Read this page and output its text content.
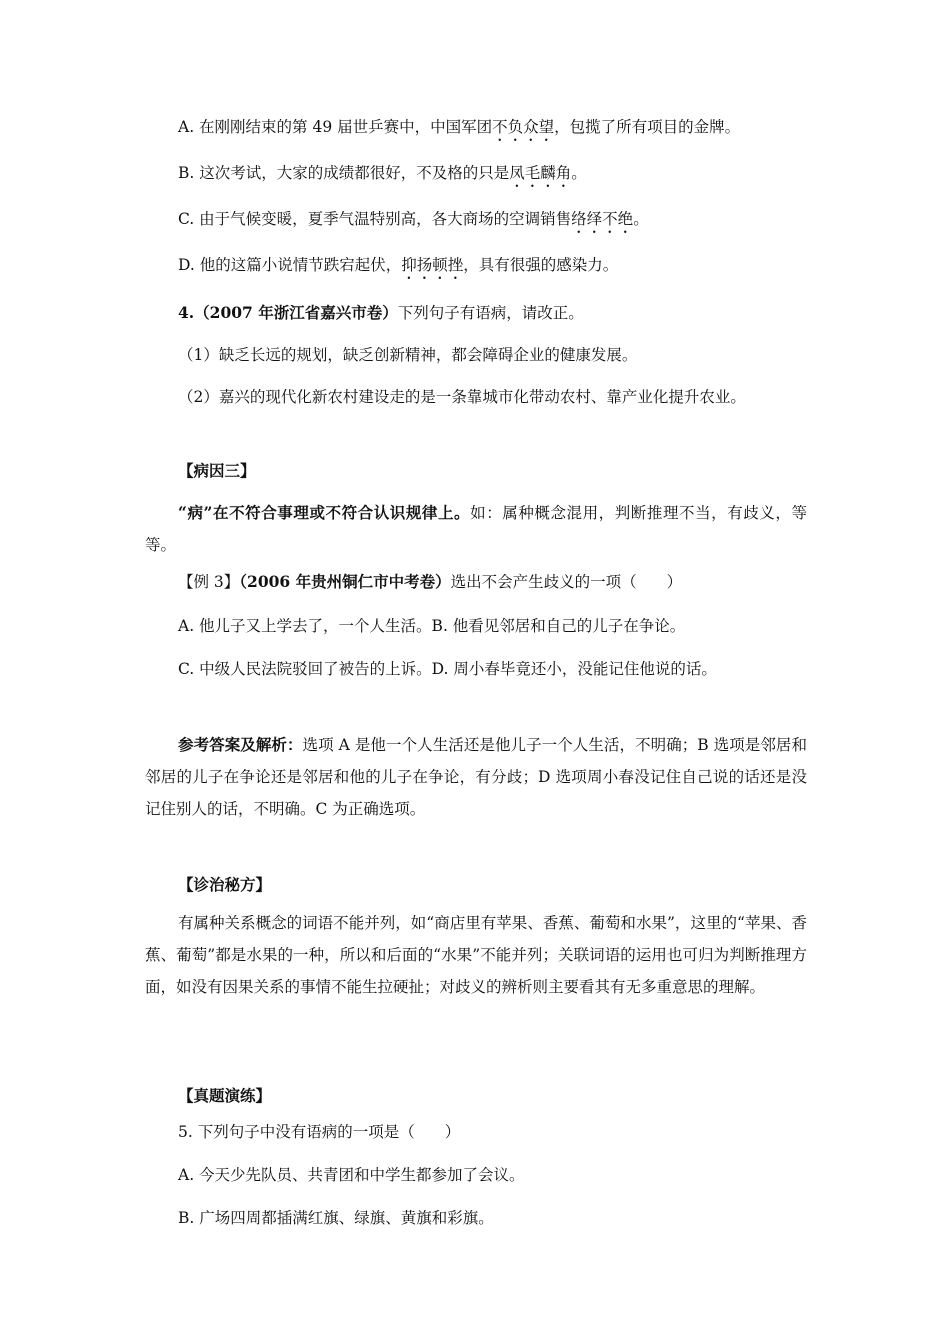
A. 在刚刚结束的第 49 届世乒赛中，中国军团不负众望，包揽了所有项目的金牌。
B. 这次考试，大家的成绩都很好，不及格的只是凤毛麟角。
C. 由于气候变暖，夏季气温特别高，各大商场的空调销售络绎不绝。
D. 他的这篇小说情节跌宕起伏，抑扬顿挫，具有很强的感染力。
4.（2007 年浙江省嘉兴市卷）下列句子有语病，请改正。
（1）缺乏长远的规划，缺乏创新精神，都会障碍企业的健康发展。
（2）嘉兴的现代化新农村建设走的是一条靠城市化带动农村、靠产业化提升农业。
【病因三】
“病”在不符合事理或不符合认识规律上。如：属种概念混用，判断推理不当，有歧义，等等。
【例 3】（2006 年贵州铜仁市中考卷）选出不会产生歧义的一项（ ）
A. 他儿子又上学去了，一个人生活。B. 他看见邻居和自己的儿子在争论。
C. 中级人民法院驳回了被告的上诉。D. 周小春毕竟还小，没能记住他说的话。
参考答案及解析：选项 A 是他一个人生活还是他儿子一个人生活，不明确；B 选项是邻居和邻居的儿子在争论还是邻居和他的儿子在争论，有分歧；D 选项周小春没记住自己说的话还是没记住别人的话，不明确。C 为正确选项。
【诊治秘方】
有属种关系概念的词语不能并列，如“商店里有苹果、香蕉、葡萄和水果”，这里的“苹果、香蕉、葡萄”都是水果的一种，所以和后面的“水果”不能并列；关联词语的运用也可归为判断推理方面，如没有因果关系的事情不能生拉硬扯；对歧义的辨析则主要看其有无多重意思的理解。
【真题演练】
5. 下列句子中没有语病的一项是（ ）
A. 今天少先队员、共青团和中学生都参加了会议。
B. 广场四周都插满红旗、绿旗、黄旗和彩旗。
